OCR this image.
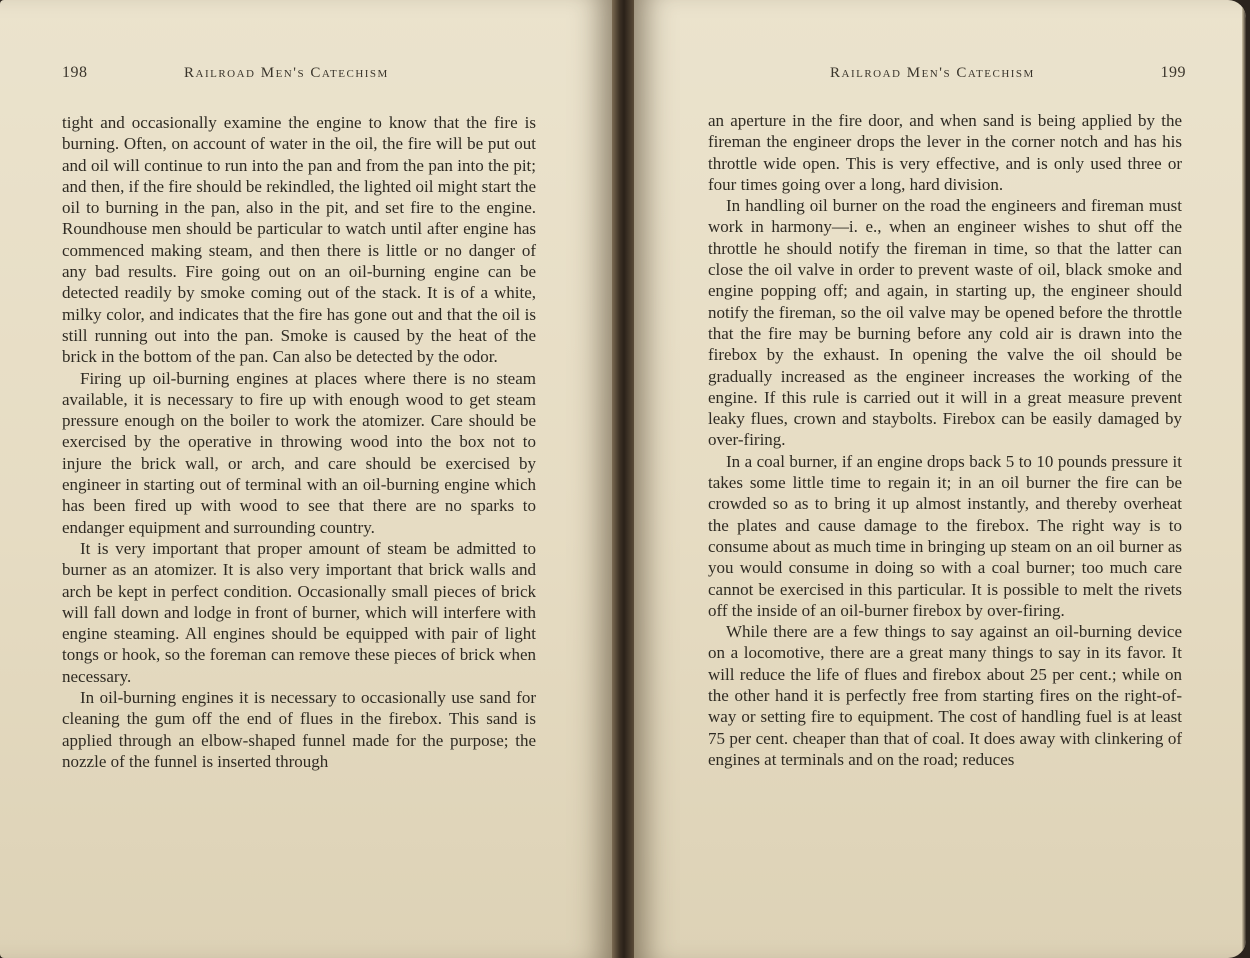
198	Railroad Men's Catechism

tight and occasionally examine the engine to know that the fire is burning. Often, on account of water in the oil, the fire will be put out and oil will continue to run into the pan and from the pan into the pit; and then, if the fire should be rekindled, the lighted oil might start the oil to burning in the pan, also in the pit, and set fire to the engine. Roundhouse men should be particular to watch until after engine has commenced making steam, and then there is little or no danger of any bad results. Fire going out on an oil-burning engine can be detected readily by smoke coming out of the stack. It is of a white, milky color, and indicates that the fire has gone out and that the oil is still running out into the pan. Smoke is caused by the heat of the brick in the bottom of the pan. Can also be detected by the odor.

Firing up oil-burning engines at places where there is no steam available, it is necessary to fire up with enough wood to get steam pressure enough on the boiler to work the atomizer. Care should be exercised by the operative in throwing wood into the box not to injure the brick wall, or arch, and care should be exercised by engineer in starting out of terminal with an oil-burning engine which has been fired up with wood to see that there are no sparks to endanger equipment and surrounding country.

It is very important that proper amount of steam be admitted to burner as an atomizer. It is also very important that brick walls and arch be kept in perfect condition. Occasionally small pieces of brick will fall down and lodge in front of burner, which will interfere with engine steaming. All engines should be equipped with pair of light tongs or hook, so the foreman can remove these pieces of brick when necessary.

In oil-burning engines it is necessary to occasionally use sand for cleaning the gum off the end of flues in the firebox. This sand is applied through an elbow-shaped funnel made for the purpose; the nozzle of the funnel is inserted through

Railroad Men's Catechism	199

an aperture in the fire door, and when sand is being applied by the fireman the engineer drops the lever in the corner notch and has his throttle wide open. This is very effective, and is only used three or four times going over a long, hard division.

In handling oil burner on the road the engineers and fireman must work in harmony—i. e., when an engineer wishes to shut off the throttle he should notify the fireman in time, so that the latter can close the oil valve in order to prevent waste of oil, black smoke and engine popping off; and again, in starting up, the engineer should notify the fireman, so the oil valve may be opened before the throttle that the fire may be burning before any cold air is drawn into the firebox by the exhaust. In opening the valve the oil should be gradually increased as the engineer increases the working of the engine. If this rule is carried out it will in a great measure prevent leaky flues, crown and staybolts. Firebox can be easily damaged by over-firing.

In a coal burner, if an engine drops back 5 to 10 pounds pressure it takes some little time to regain it; in an oil burner the fire can be crowded so as to bring it up almost instantly, and thereby overheat the plates and cause damage to the firebox. The right way is to consume about as much time in bringing up steam on an oil burner as you would consume in doing so with a coal burner; too much care cannot be exercised in this particular. It is possible to melt the rivets off the inside of an oil-burner firebox by over-firing.

While there are a few things to say against an oil-burning device on a locomotive, there are a great many things to say in its favor. It will reduce the life of flues and firebox about 25 per cent.; while on the other hand it is perfectly free from starting fires on the right-of-way or setting fire to equipment. The cost of handling fuel is at least 75 per cent. cheaper than that of coal. It does away with clinkering of engines at terminals and on the road; reduces
